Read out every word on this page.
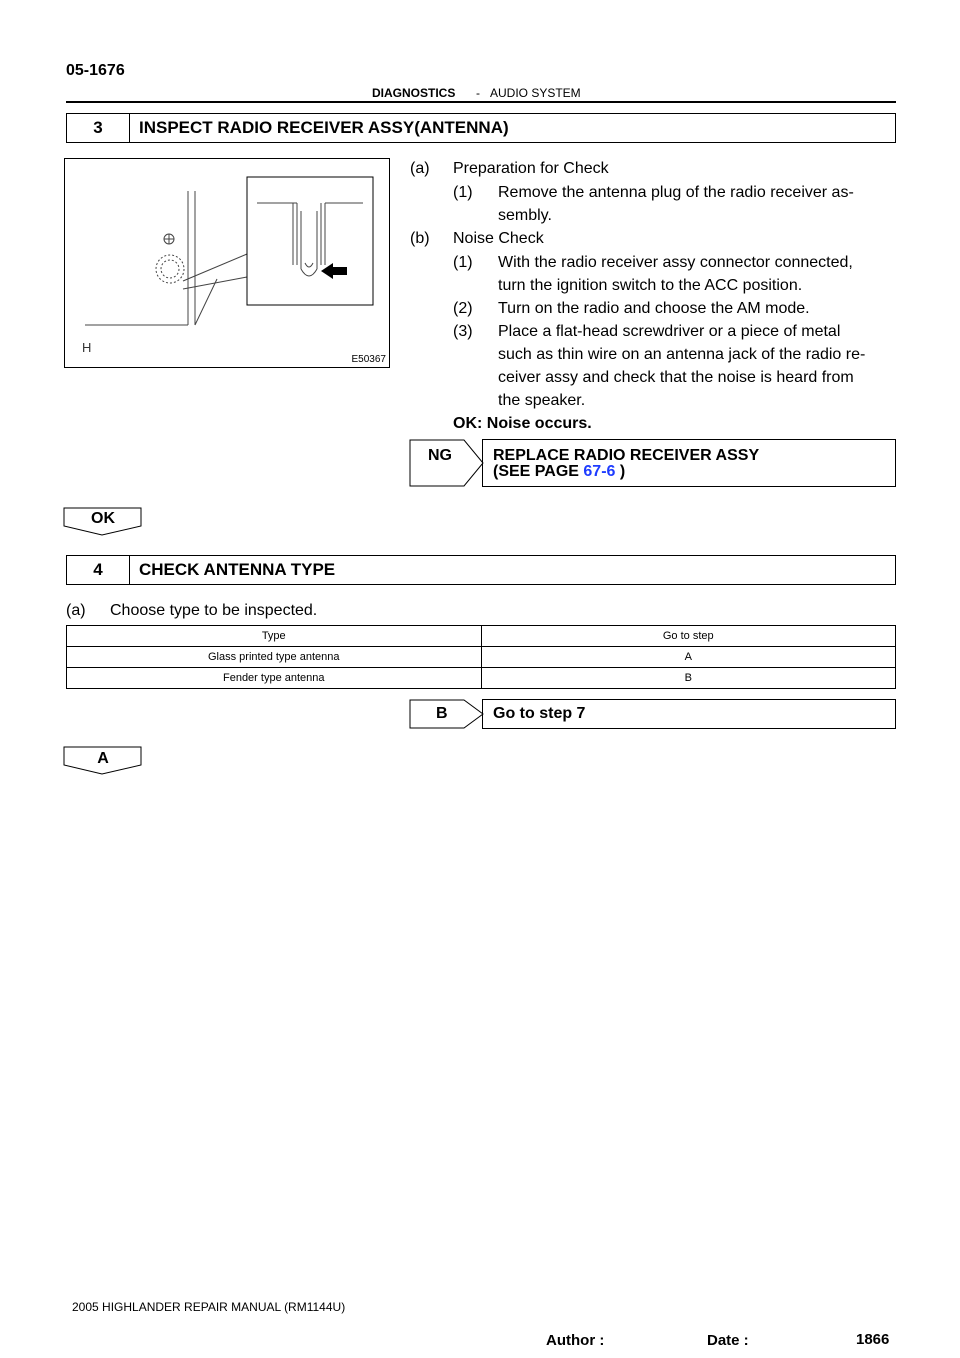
05-1676
DIAGNOSTICS - AUDIO SYSTEM
3	INSPECT RADIO RECEIVER ASSY(ANTENNA)
H
E50367
(a) Preparation for Check
(1) Remove the antenna plug of the radio receiver as-
sembly.
(b) Noise Check
(1) With the radio receiver assy connector connected,
turn the ignition switch to the ACC position.
(2) Turn on the radio and choose the AM mode.
(3) Place a flat-head screwdriver or a piece of metal
such as thin wire on an antenna jack of the radio re-
ceiver assy and check that the noise is heard from
the speaker.
OK: Noise occurs.
NG	REPLACE RADIO RECEIVER ASSY
(SEE PAGE 67-6 )
OK
4	CHECK ANTENNA TYPE
(a) Choose type to be inspected.
Type	Go to step
Glass printed type antenna	A
Fender type antenna	B
B	Go to step 7
A
2005 HIGHLANDER REPAIR MANUAL (RM1144U)
Author :	Date :	1866
